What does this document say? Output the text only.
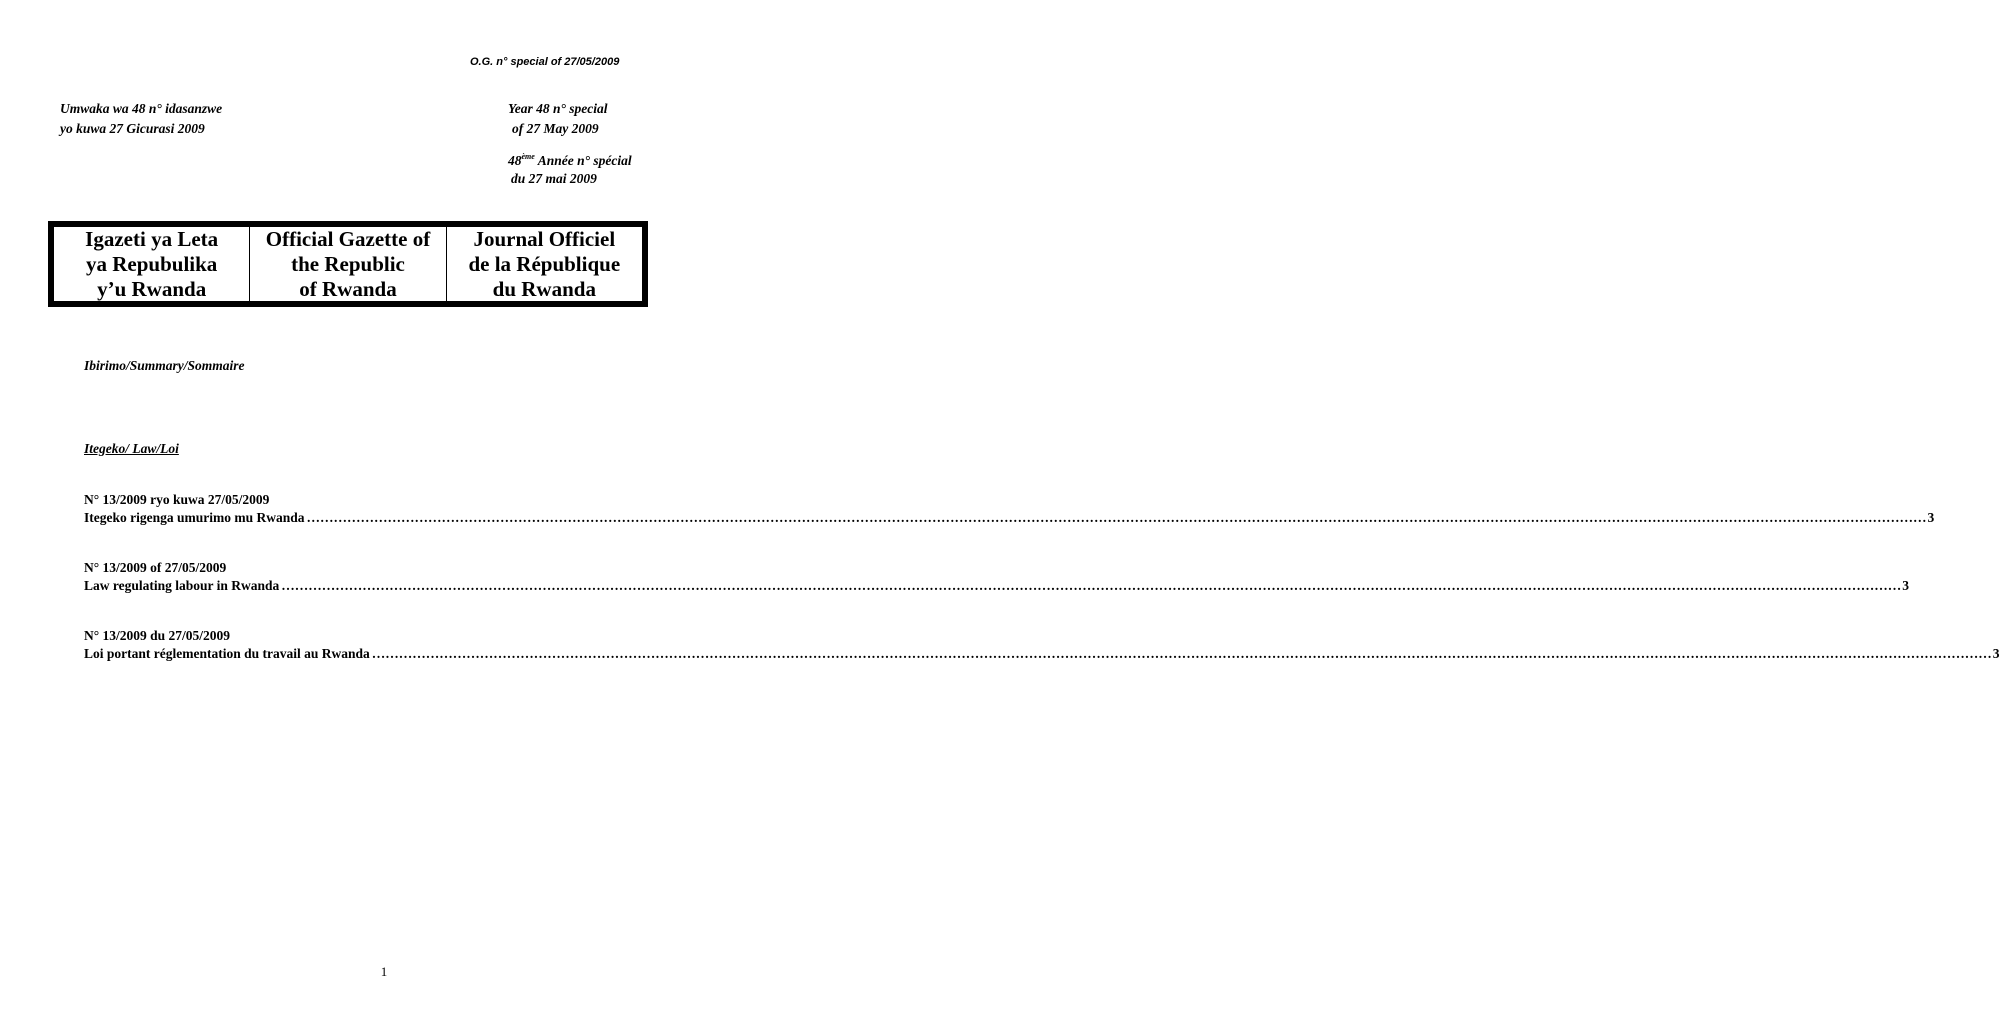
O.G. n° special of 27/05/2009
Umwaka wa 48 n° idasanzwe
yo kuwa 27 Gicurasi 2009
Year 48 n° special
of 27 May 2009
48ème Année n° spécial
du 27 mai 2009
Igazeti ya Leta
ya Repubulika
y’u Rwanda
Official Gazette of
the Republic
of Rwanda
Journal Officiel
de la République
du Rwanda
Ibirimo/Summary/Sommaire
Itegeko/ Law/Loi
N° 13/2009 ryo kuwa 27/05/2009
Itegeko rigenga umurimo mu Rwanda ……………………………………………………………………………………………………………………………………………………………………………………………………………………………………………………………………………………………………………………………… 3
N° 13/2009 of 27/05/2009
Law regulating labour in Rwanda ……………………………………………………………………………………………………………………………………………………………………………………………………………………………………………………………………………………………………………………………… 3
N° 13/2009 du 27/05/2009
Loi portant réglementation du travail au Rwanda ……………………………………………………………………………………………………………………………………………………………………………………………………………………………………………………………………………………………………………………………… 3
1
